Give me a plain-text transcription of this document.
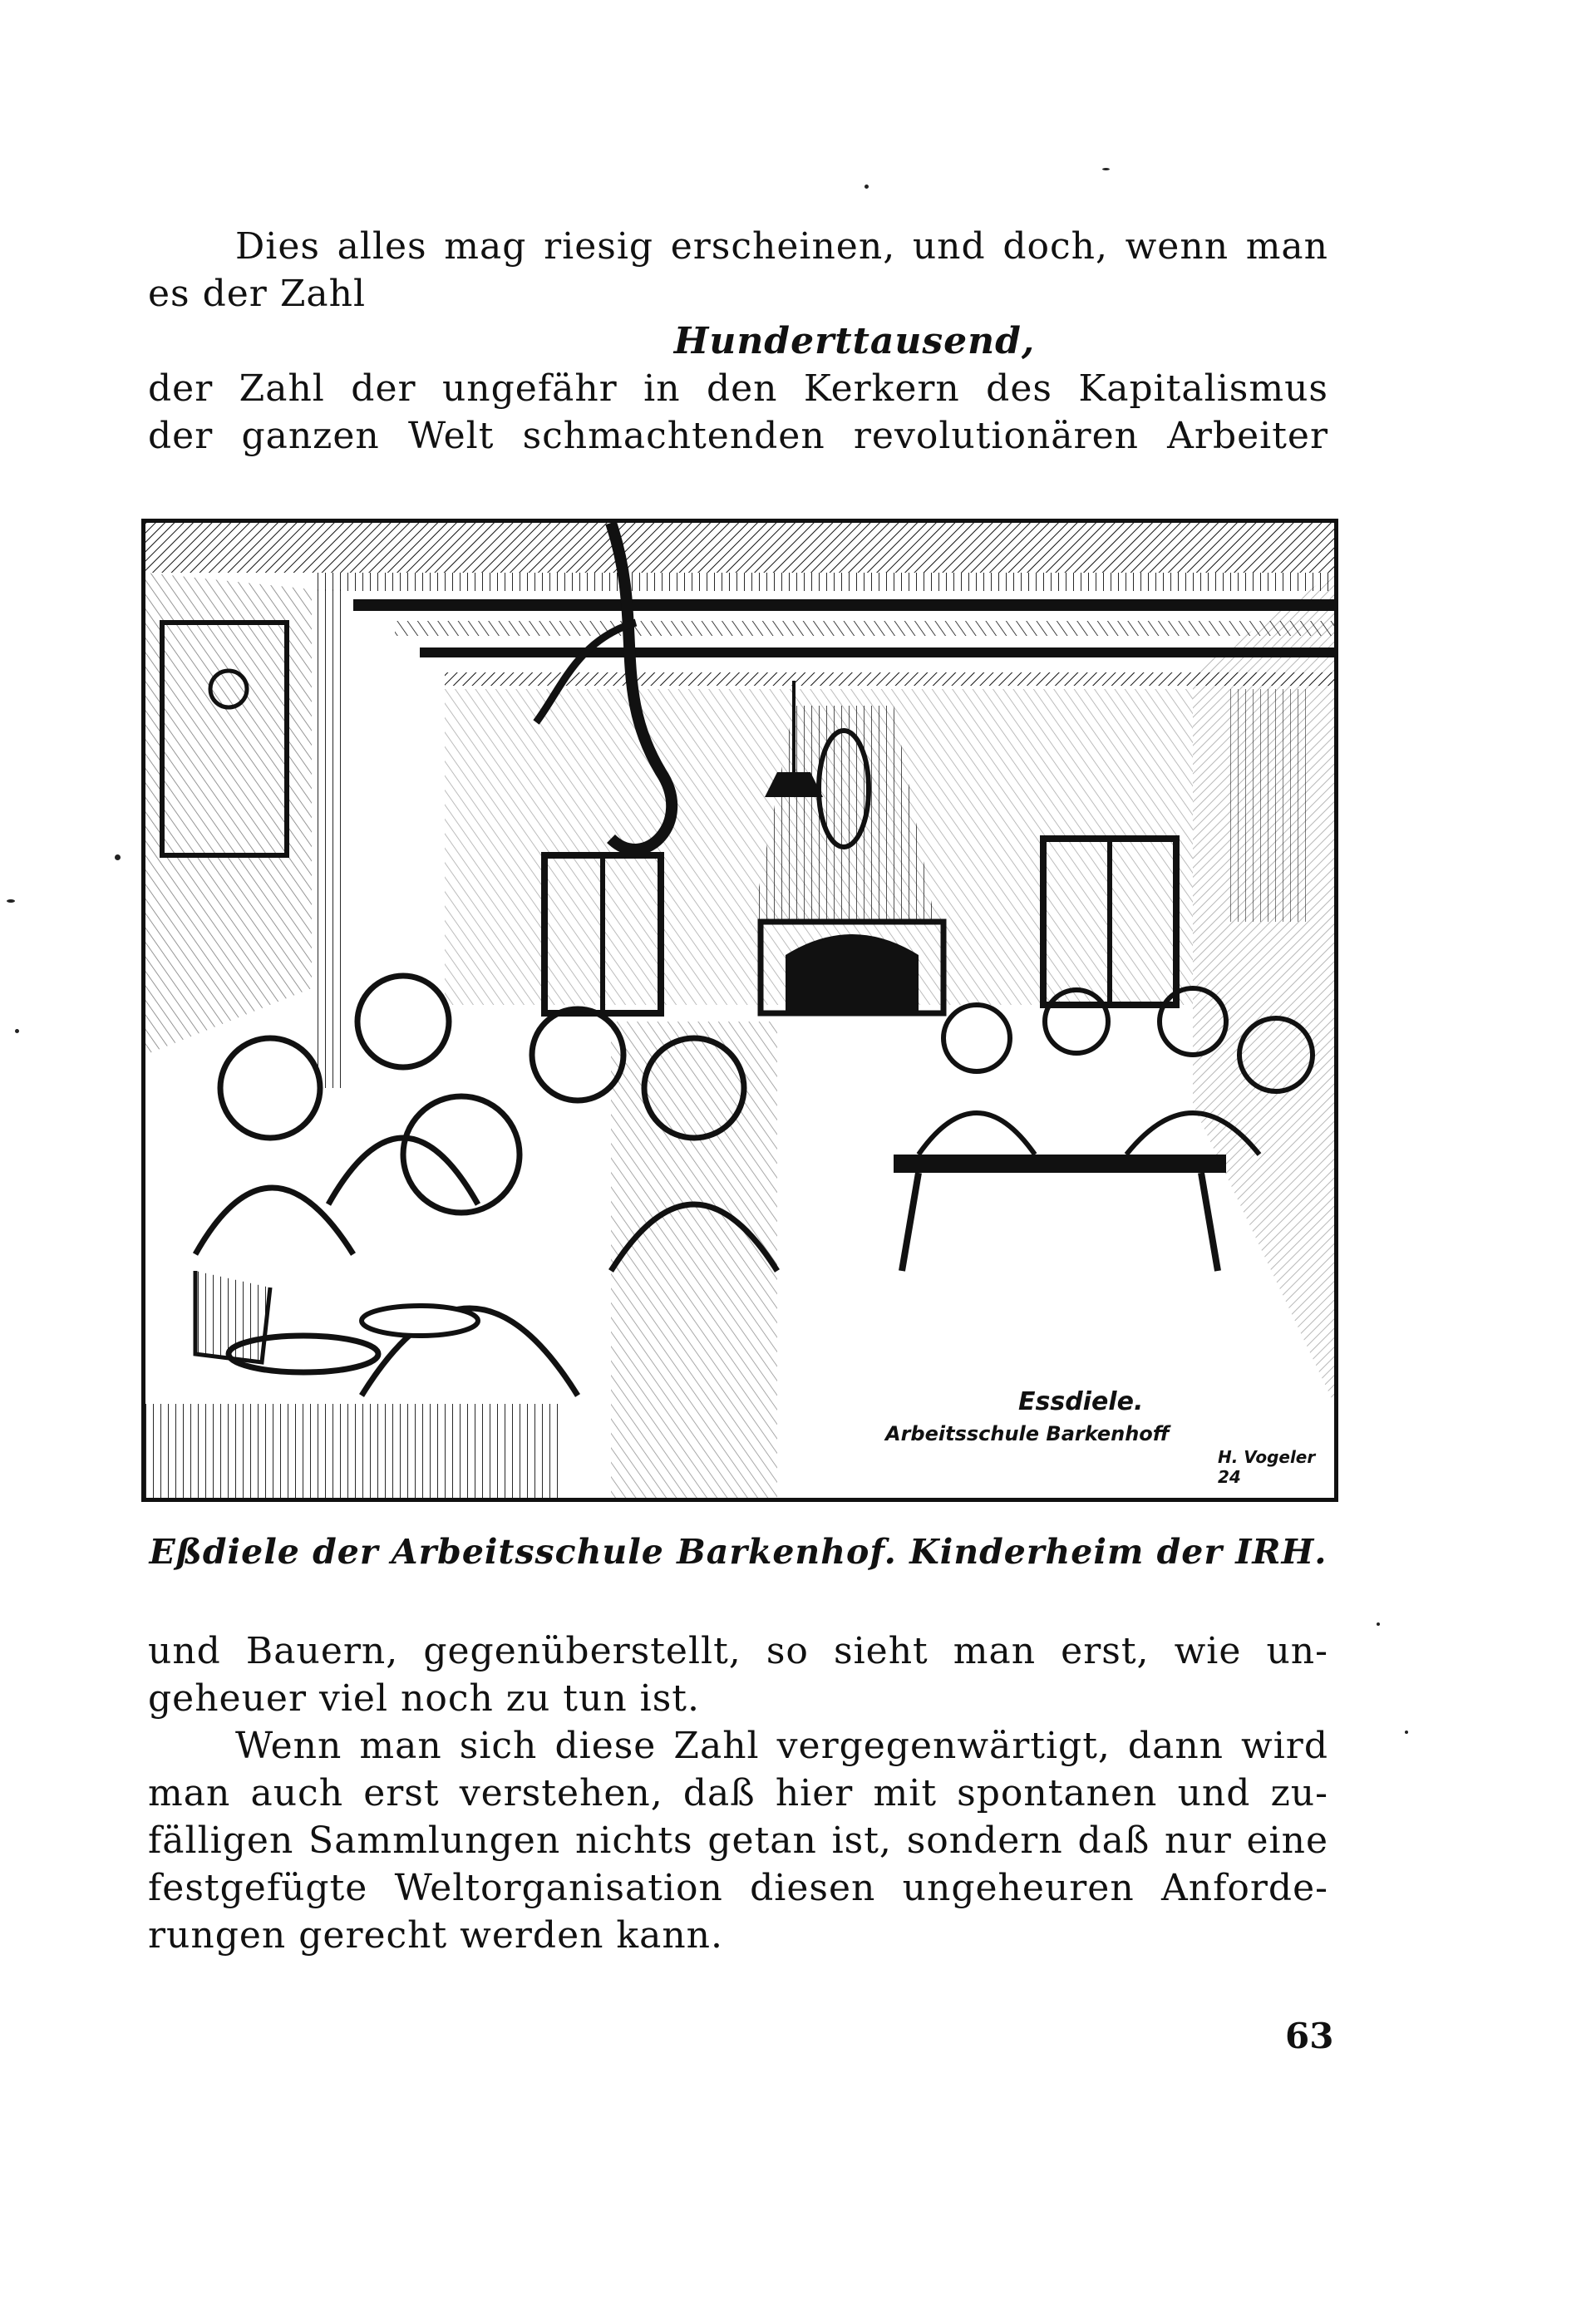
Dies alles mag riesig erscheinen, und doch, wenn man
es der Zahl
Hunderttausend,
der Zahl der ungefähr in den Kerkern des Kapitalismus
der ganzen Welt schmachtenden revolutionären Arbeiter
Essdiele.
Arbeitsschule Barkenhoff
H. Vogeler 24
Eßdiele der Arbeitsschule Barkenhof. Kinderheim der IRH.
und Bauern, gegenüberstellt, so sieht man erst, wie un-
geheuer viel noch zu tun ist.
Wenn man sich diese Zahl vergegenwärtigt, dann wird
man auch erst verstehen, daß hier mit spontanen und zu-
fälligen Sammlungen nichts getan ist, sondern daß nur eine
festgefügte Weltorganisation diesen ungeheuren Anforde-
rungen gerecht werden kann.
63
